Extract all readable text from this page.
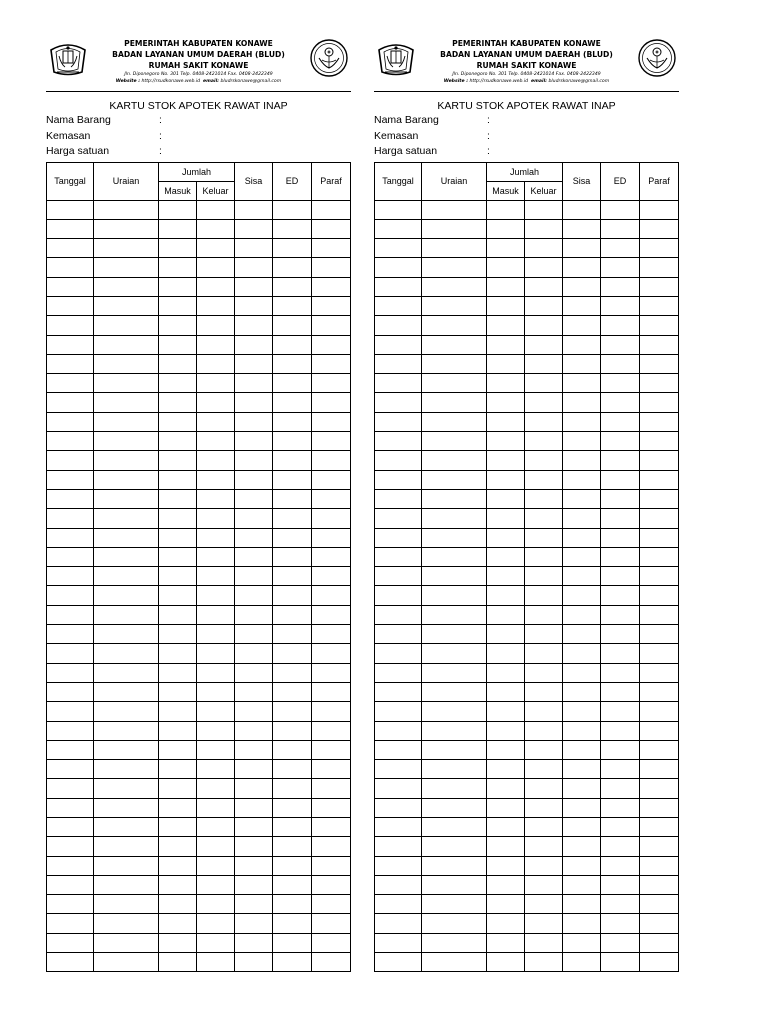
PEMERINTAH KABUPATEN KONAWE
BADAN LAYANAN UMUM DAERAH (BLUD)
RUMAH SAKIT KONAWE
Jln. Diponegoro No. 301 Telp. 0408-2421014 Fax. 0408-2422349
Website : http://rsudkonawe.web.id email: bludrskonawe@gmail.com
KARTU STOK APOTEK RAWAT INAP
Nama Barang	:
Kemasan	:
Harga satuan	:
Tanggal	Uraian	Jumlah		Sisa	ED	Paraf
		Masuk	Keluar			

PEMERINTAH KABUPATEN KONAWE
BADAN LAYANAN UMUM DAERAH (BLUD)
RUMAH SAKIT KONAWE
Jln. Diponegoro No. 301 Telp. 0408-2421014 Fax. 0408-2422349
Website : http://rsudkonawe.web.id email: bludrskonawe@gmail.com
KARTU STOK APOTEK RAWAT INAP
Nama Barang	:
Kemasan	:
Harga satuan	:
Tanggal	Uraian	Jumlah		Sisa	ED	Paraf
		Masuk	Keluar			
